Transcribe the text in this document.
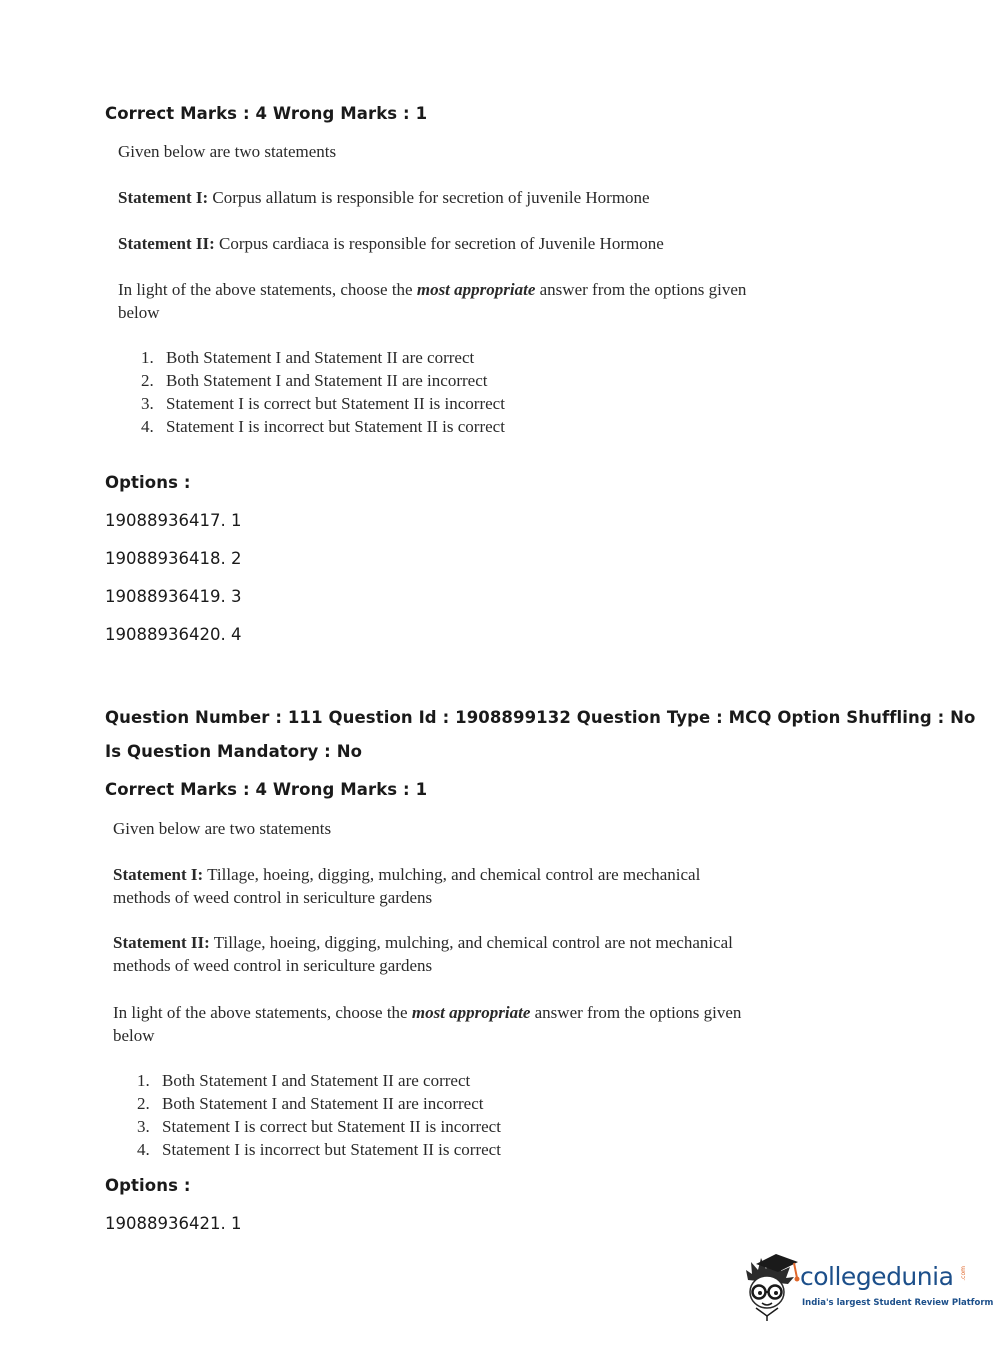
Correct Marks : 4 Wrong Marks : 1
Given below are two statements
Statement I: Corpus allatum is responsible for secretion of juvenile Hormone
Statement II: Corpus cardiaca is responsible for secretion of Juvenile Hormone
In light of the above statements, choose the most appropriate answer from the options given
below
1. Both Statement I and Statement II are correct
2. Both Statement I and Statement II are incorrect
3. Statement I is correct but Statement II is incorrect
4. Statement I is incorrect but Statement II is correct
Options :
19088936417. 1
19088936418. 2
19088936419. 3
19088936420. 4
Question Number : 111 Question Id : 1908899132 Question Type : MCQ Option Shuffling : No
Is Question Mandatory : No
Correct Marks : 4 Wrong Marks : 1
Given below are two statements
Statement I: Tillage, hoeing, digging, mulching, and chemical control are mechanical
methods of weed control in sericulture gardens
Statement II: Tillage, hoeing, digging, mulching, and chemical control are not mechanical
methods of weed control in sericulture gardens
In light of the above statements, choose the most appropriate answer from the options given
below
1. Both Statement I and Statement II are correct
2. Both Statement I and Statement II are incorrect
3. Statement I is correct but Statement II is incorrect
4. Statement I is incorrect but Statement II is correct
Options :
19088936421. 1
collegedunia .com
India's largest Student Review Platform
